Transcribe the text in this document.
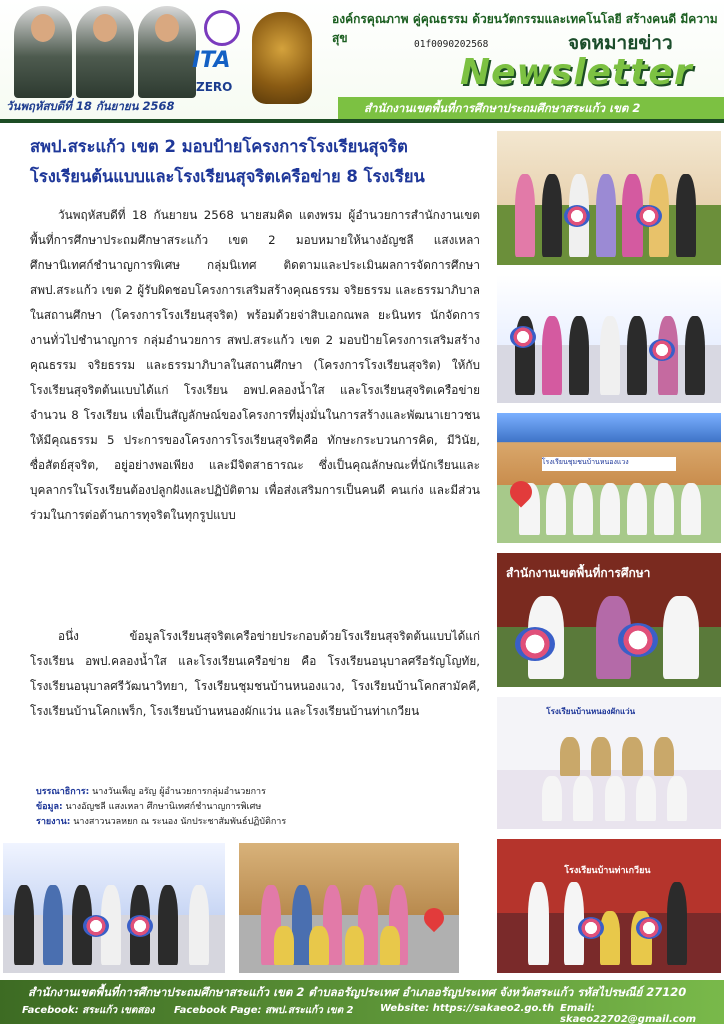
วันพฤหัสบดีที่ 18 กันยายน 2568
ITA
ZERO
องค์กรคุณภาพ คู่คุณธรรม ด้วยนวัตกรรมและเทคโนโลยี สร้างคนดี มีความสุข	01f0090202568	จดหมายข่าว
Newsletter
สำนักงานเขตพื้นที่การศึกษาประถมศึกษาสระแก้ว เขต 2
สพป.สระแก้ว เขต 2 มอบป้ายโครงการโรงเรียนสุจริต
โรงเรียนต้นแบบและโรงเรียนสุจริตเครือข่าย 8 โรงเรียน
วันพฤหัสบดีที่ 18 กันยายน 2568 นายสมคิด แตงพรม ผู้อำนวยการสำนักงานเขตพื้นที่การศึกษาประถมศึกษาสระแก้ว เขต 2 มอบหมายให้นางอัญชลี แสงเหลา ศึกษานิเทศก์ชำนาญการพิเศษ กลุ่มนิเทศ ติดตามและประเมินผลการจัดการศึกษา สพป.สระแก้ว เขต 2 ผู้รับผิดชอบโครงการเสริมสร้างคุณธรรม จริยธรรม และธรรมาภิบาลในสถานศึกษา (โครงการโรงเรียนสุจริต) พร้อมด้วยจ่าสิบเอกณพล ยะนินทร นักจัดการงานทั่วไปชำนาญการ กลุ่มอำนวยการ สพป.สระแก้ว เขต 2 มอบป้ายโครงการเสริมสร้างคุณธรรม จริยธรรม และธรรมาภิบาลในสถานศึกษา (โครงการโรงเรียนสุจริต) ให้กับโรงเรียนสุจริตต้นแบบได้แก่ โรงเรียน อพป.คลองน้ำใส และโรงเรียนสุจริตเครือข่าย จำนวน 8 โรงเรียน เพื่อเป็นสัญลักษณ์ของโครงการที่มุ่งมั่นในการสร้างและพัฒนาเยาวชนให้มีคุณธรรม 5 ประการของโครงการโรงเรียนสุจริตคือ ทักษะกระบวนการคิด, มีวินัย, ซื่อสัตย์สุจริต, อยู่อย่างพอเพียง และมีจิตสาธารณะ ซึ่งเป็นคุณลักษณะที่นักเรียนและบุคลากรในโรงเรียนต้องปลูกฝังและปฏิบัติตาม เพื่อส่งเสริมการเป็นคนดี คนเก่ง และมีส่วนร่วมในการต่อต้านการทุจริตในทุกรูปแบบ
อนึ่ง ข้อมูลโรงเรียนสุจริตเครือข่ายประกอบด้วยโรงเรียนสุจริตต้นแบบได้แก่ โรงเรียน อพป.คลองน้ำใส และโรงเรียนเครือข่าย คือ โรงเรียนอนุบาลศรีอรัญโญทัย, โรงเรียนอนุบาลศรีวัฒนาวิทยา, โรงเรียนชุมชนบ้านหนองแวง, โรงเรียนบ้านโคกสามัคคี, โรงเรียนบ้านโคกเพร็ก, โรงเรียนบ้านหนองผักแว่น และโรงเรียนบ้านท่าเกวียน
บรรณาธิการ: นางวันเพ็ญ อรัญ ผู้อำนวยการกลุ่มอำนวยการ
ข้อมูล: นางอัญชลี แสงเหลา ศึกษานิเทศก์ชำนาญการพิเศษ
รายงาน: นางสาวนวลหยก ณ ระนอง นักประชาสัมพันธ์ปฏิบัติการ
โรงเรียนชุมชนบ้านหนองแวง
สำนักงานเขตพื้นที่การศึกษา
โรงเรียนบ้านหนองผักแว่น
โรงเรียนบ้านท่าเกวียน
สำนักงานเขตพื้นที่การศึกษาประถมศึกษาสระแก้ว เขต 2 ตำบลอรัญประเทศ อำเภออรัญประเทศ จังหวัดสระแก้ว รหัสไปรษณีย์ 27120
Facebook: สระแก้ว เขตสอง Facebook Page: สพป.สระแก้ว เขต 2	Website: https://sakaeo2.go.th Email: skaeo22702@gmail.com
